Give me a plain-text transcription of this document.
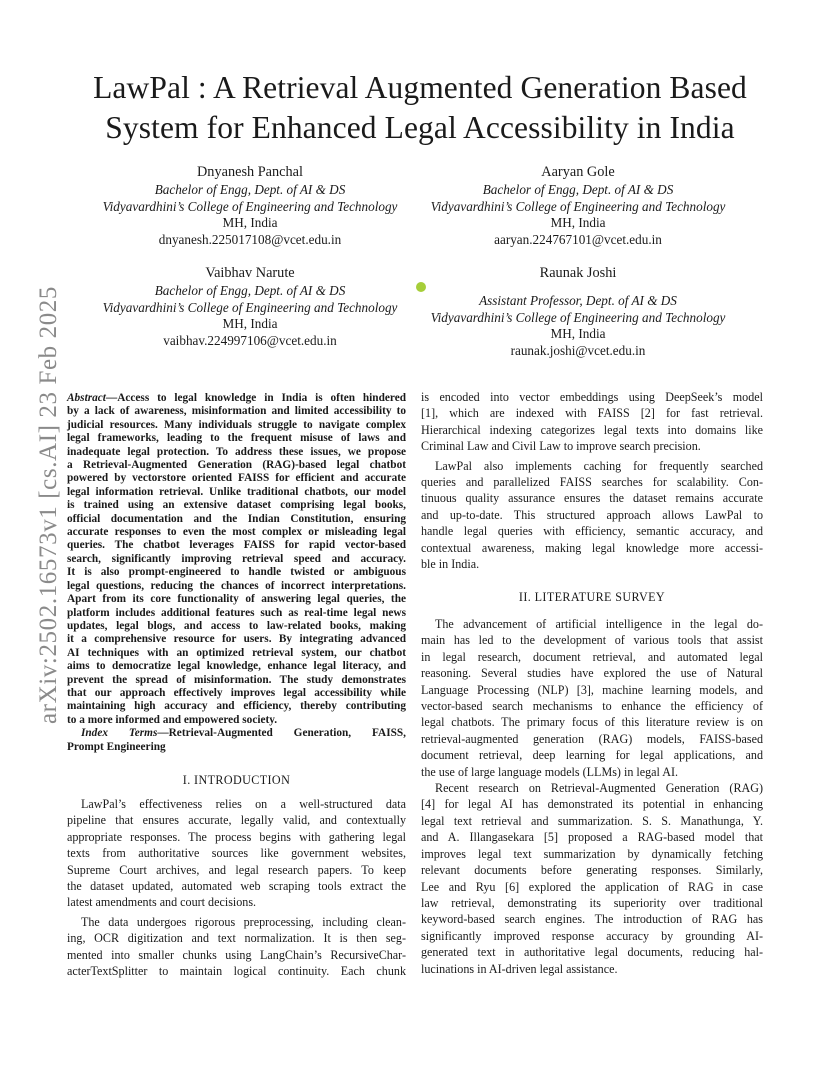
arXiv:2502.16573v1 [cs.AI] 23 Feb 2025
LawPal : A Retrieval Augmented Generation Based
System for Enhanced Legal Accessibility in India
Dnyanesh Panchal
Bachelor of Engg, Dept. of AI & DS
Vidyavardhini’s College of Engineering and Technology
MH, India
dnyanesh.225017108@vcet.edu.in
Aaryan Gole
Bachelor of Engg, Dept. of AI & DS
Vidyavardhini’s College of Engineering and Technology
MH, India
aaryan.224767101@vcet.edu.in
Vaibhav Narute
Bachelor of Engg, Dept. of AI & DS
Vidyavardhini’s College of Engineering and Technology
MH, India
vaibhav.224997106@vcet.edu.in
Raunak Joshi
Assistant Professor, Dept. of AI & DS
Vidyavardhini’s College of Engineering and Technology
MH, India
raunak.joshi@vcet.edu.in
Abstract—Access to legal knowledge in India is often hindered
by a lack of awareness, misinformation and limited accessibility to
judicial resources. Many individuals struggle to navigate complex
legal frameworks, leading to the frequent misuse of laws and
inadequate legal protection. To address these issues, we propose
a Retrieval-Augmented Generation (RAG)-based legal chatbot
powered by vectorstore oriented FAISS for efficient and accurate
legal information retrieval. Unlike traditional chatbots, our model
is trained using an extensive dataset comprising legal books,
official documentation and the Indian Constitution, ensuring
accurate responses to even the most complex or misleading legal
queries. The chatbot leverages FAISS for rapid vector-based
search, significantly improving retrieval speed and accuracy.
It is also prompt-engineered to handle twisted or ambiguous
legal questions, reducing the chances of incorrect interpretations.
Apart from its core functionality of answering legal queries, the
platform includes additional features such as real-time legal news
updates, legal blogs, and access to law-related books, making
it a comprehensive resource for users. By integrating advanced
AI techniques with an optimized retrieval system, our chatbot
aims to democratize legal knowledge, enhance legal literacy, and
prevent the spread of misinformation. The study demonstrates
that our approach effectively improves legal accessibility while
maintaining high accuracy and efficiency, thereby contributing
to a more informed and empowered society.
Index Terms—Retrieval-Augmented Generation, FAISS,
Prompt Engineering
I. INTRODUCTION
LawPal’s effectiveness relies on a well-structured data
pipeline that ensures accurate, legally valid, and contextually
appropriate responses. The process begins with gathering legal
texts from authoritative sources like government websites,
Supreme Court archives, and legal research papers. To keep
the dataset updated, automated web scraping tools extract the
latest amendments and court decisions.
The data undergoes rigorous preprocessing, including clean-
ing, OCR digitization and text normalization. It is then seg-
mented into smaller chunks using LangChain’s RecursiveChar-
acterTextSplitter to maintain logical continuity. Each chunk
is encoded into vector embeddings using DeepSeek’s model
[1], which are indexed with FAISS [2] for fast retrieval.
Hierarchical indexing categorizes legal texts into domains like
Criminal Law and Civil Law to improve search precision.
LawPal also implements caching for frequently searched
queries and parallelized FAISS searches for scalability. Con-
tinuous quality assurance ensures the dataset remains accurate
and up-to-date. This structured approach allows LawPal to
handle legal queries with efficiency, semantic accuracy, and
contextual awareness, making legal knowledge more accessi-
ble in India.
II. LITERATURE SURVEY
The advancement of artificial intelligence in the legal do-
main has led to the development of various tools that assist
in legal research, document retrieval, and automated legal
reasoning. Several studies have explored the use of Natural
Language Processing (NLP) [3], machine learning models, and
vector-based search mechanisms to enhance the efficiency of
legal chatbots. The primary focus of this literature review is on
retrieval-augmented generation (RAG) models, FAISS-based
document retrieval, deep learning for legal applications, and
the use of large language models (LLMs) in legal AI.
Recent research on Retrieval-Augmented Generation (RAG)
[4] for legal AI has demonstrated its potential in enhancing
legal text retrieval and summarization. S. S. Manathunga, Y.
and A. Illangasekara [5] proposed a RAG-based model that
improves legal text summarization by dynamically fetching
relevant documents before generating responses. Similarly,
Lee and Ryu [6] explored the application of RAG in case
law retrieval, demonstrating its superiority over traditional
keyword-based search engines. The introduction of RAG has
significantly improved response accuracy by grounding AI-
generated text in authoritative legal documents, reducing hal-
lucinations in AI-driven legal assistance.
